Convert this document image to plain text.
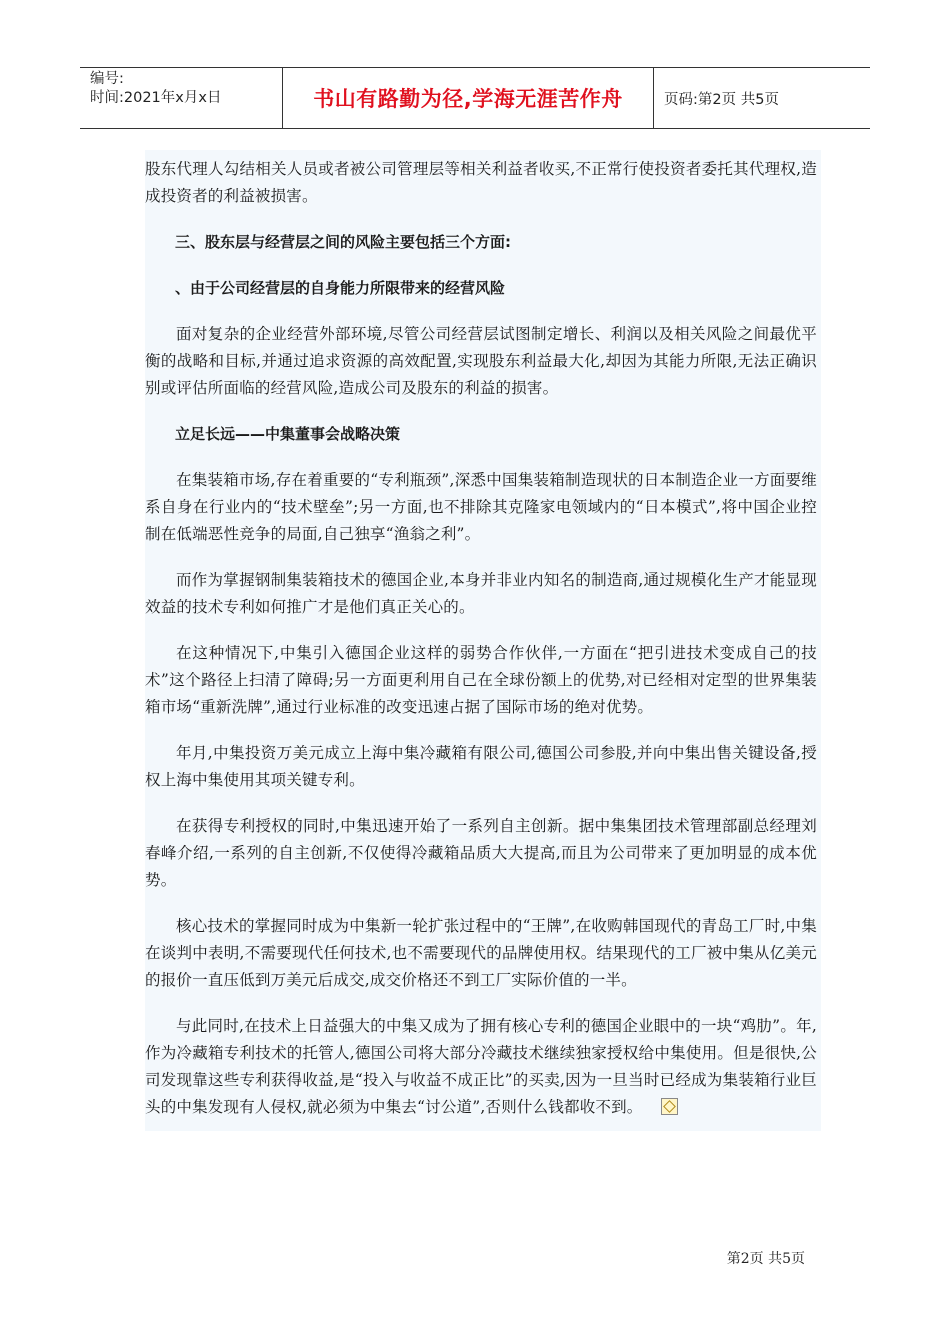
编号:
时间:2021年x月x日	书山有路勤为径,学海无涯苦作舟	页码:第2页 共5页

股东代理人勾结相关人员或者被公司管理层等相关利益者收买,不正常行使投资者委托其代理权,造成投资者的利益被损害。

三、股东层与经营层之间的风险主要包括三个方面:
、由于公司经营层的自身能力所限带来的经营风险

面对复杂的企业经营外部环境,尽管公司经营层试图制定增长、利润以及相关风险之间最优平衡的战略和目标,并通过追求资源的高效配置,实现股东利益最大化,却因为其能力所限,无法正确识别或评估所面临的经营风险,造成公司及股东的利益的损害。

立足长远——中集董事会战略决策

在集装箱市场,存在着重要的“专利瓶颈”,深悉中国集装箱制造现状的日本制造企业一方面要维系自身在行业内的“技术壁垒”;另一方面,也不排除其克隆家电领域内的“日本模式”,将中国企业控制在低端恶性竞争的局面,自己独享“渔翁之利”。

而作为掌握钢制集装箱技术的德国企业,本身并非业内知名的制造商,通过规模化生产才能显现效益的技术专利如何推广才是他们真正关心的。

在这种情况下,中集引入德国企业这样的弱势合作伙伴,一方面在“把引进技术变成自己的技术”这个路径上扫清了障碍;另一方面更利用自己在全球份额上的优势,对已经相对定型的世界集装箱市场“重新洗牌”,通过行业标准的改变迅速占据了国际市场的绝对优势。

年月,中集投资万美元成立上海中集冷藏箱有限公司,德国公司参股,并向中集出售关键设备,授权上海中集使用其项关键专利。

在获得专利授权的同时,中集迅速开始了一系列自主创新。据中集集团技术管理部副总经理刘春峰介绍,一系列的自主创新,不仅使得冷藏箱品质大大提高,而且为公司带来了更加明显的成本优势。

核心技术的掌握同时成为中集新一轮扩张过程中的“王牌”,在收购韩国现代的青岛工厂时,中集在谈判中表明,不需要现代任何技术,也不需要现代的品牌使用权。结果现代的工厂被中集从亿美元的报价一直压低到万美元后成交,成交价格还不到工厂实际价值的一半。

与此同时,在技术上日益强大的中集又成为了拥有核心专利的德国企业眼中的一块“鸡肋”。年,作为冷藏箱专利技术的托管人,德国公司将大部分冷藏技术继续独家授权给中集使用。但是很快,公司发现靠这些专利获得收益,是“投入与收益不成正比”的买卖,因为一旦当时已经成为集装箱行业巨头的中集发现有人侵权,就必须为中集去“讨公道”,否则什么钱都收不到。

第2页 共5页
